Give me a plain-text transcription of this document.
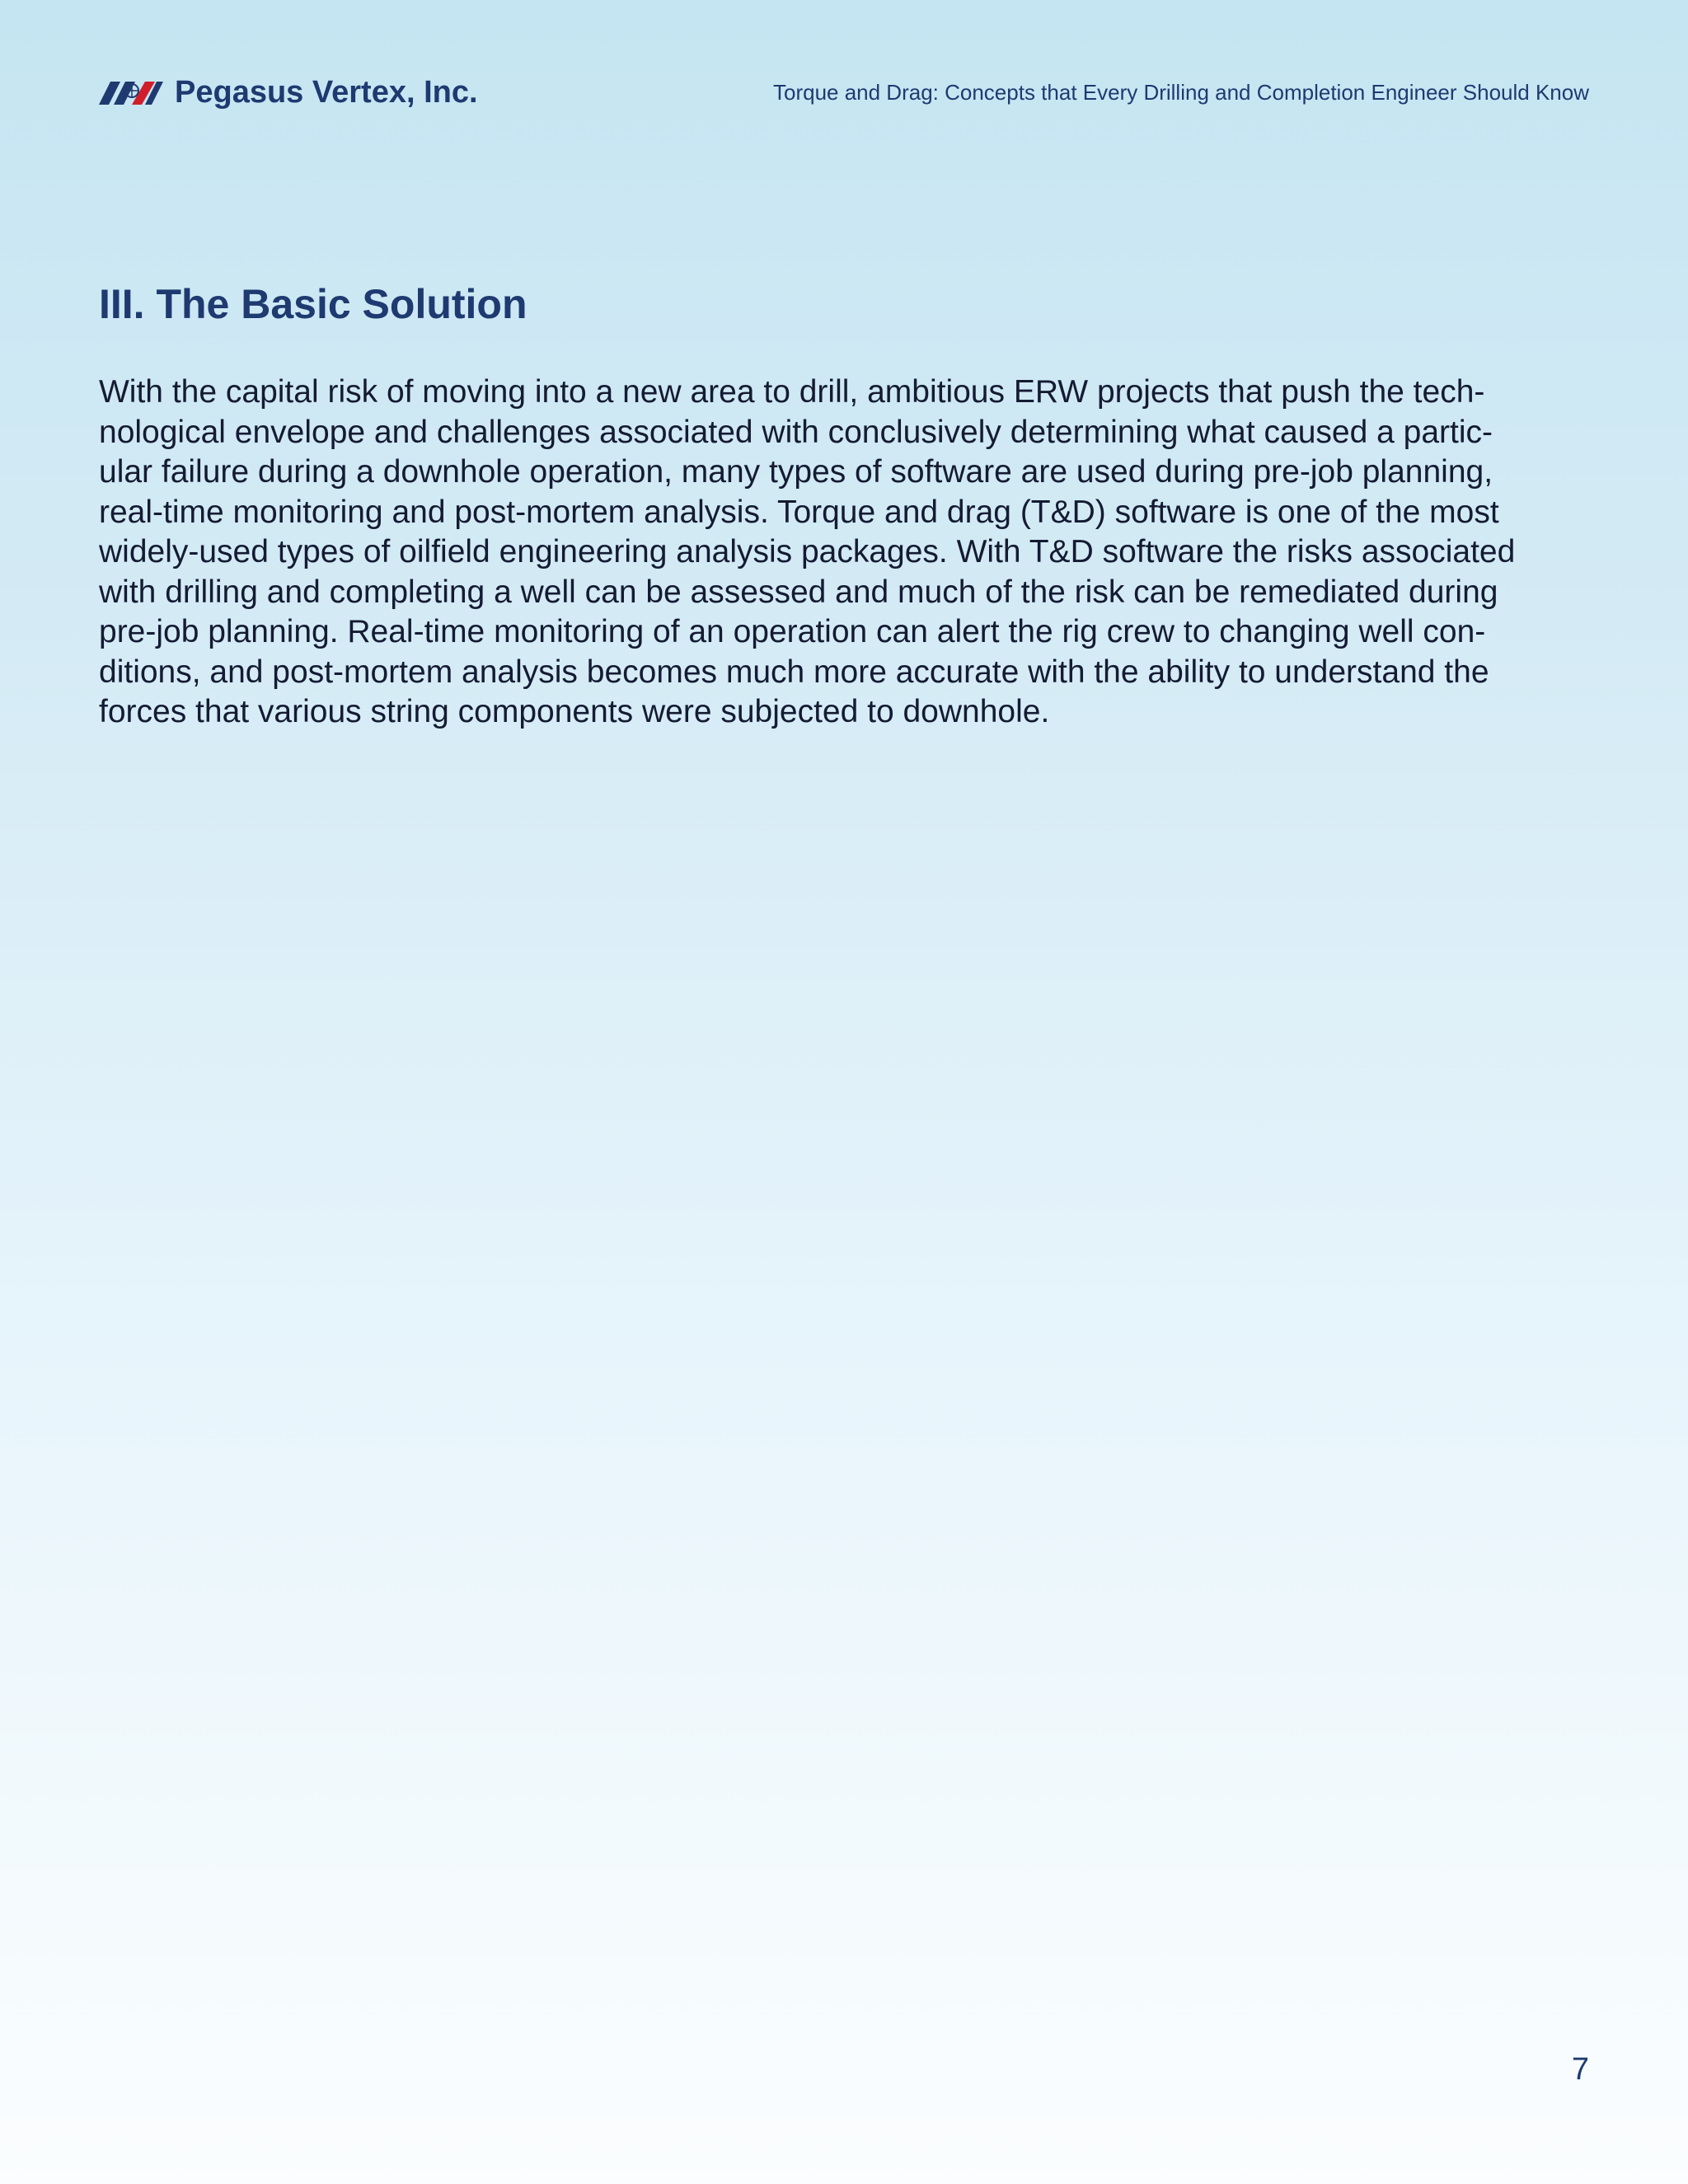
Pegasus Vertex, Inc.	Torque and Drag: Concepts that Every Drilling and Completion Engineer Should Know
III. The Basic Solution

With the capital risk of moving into a new area to drill, ambitious ERW projects that push the tech-
nological envelope and challenges associated with conclusively determining what caused a partic-
ular failure during a downhole operation, many types of software are used during pre-job planning,
real-time monitoring and post-mortem analysis. Torque and drag (T&D) software is one of the most
widely-used types of oilfield engineering analysis packages. With T&D software the risks associated
with drilling and completing a well can be assessed and much of the risk can be remediated during
pre-job planning. Real-time monitoring of an operation can alert the rig crew to changing well con-
ditions, and post-mortem analysis becomes much more accurate with the ability to understand the
forces that various string components were subjected to downhole.

7
